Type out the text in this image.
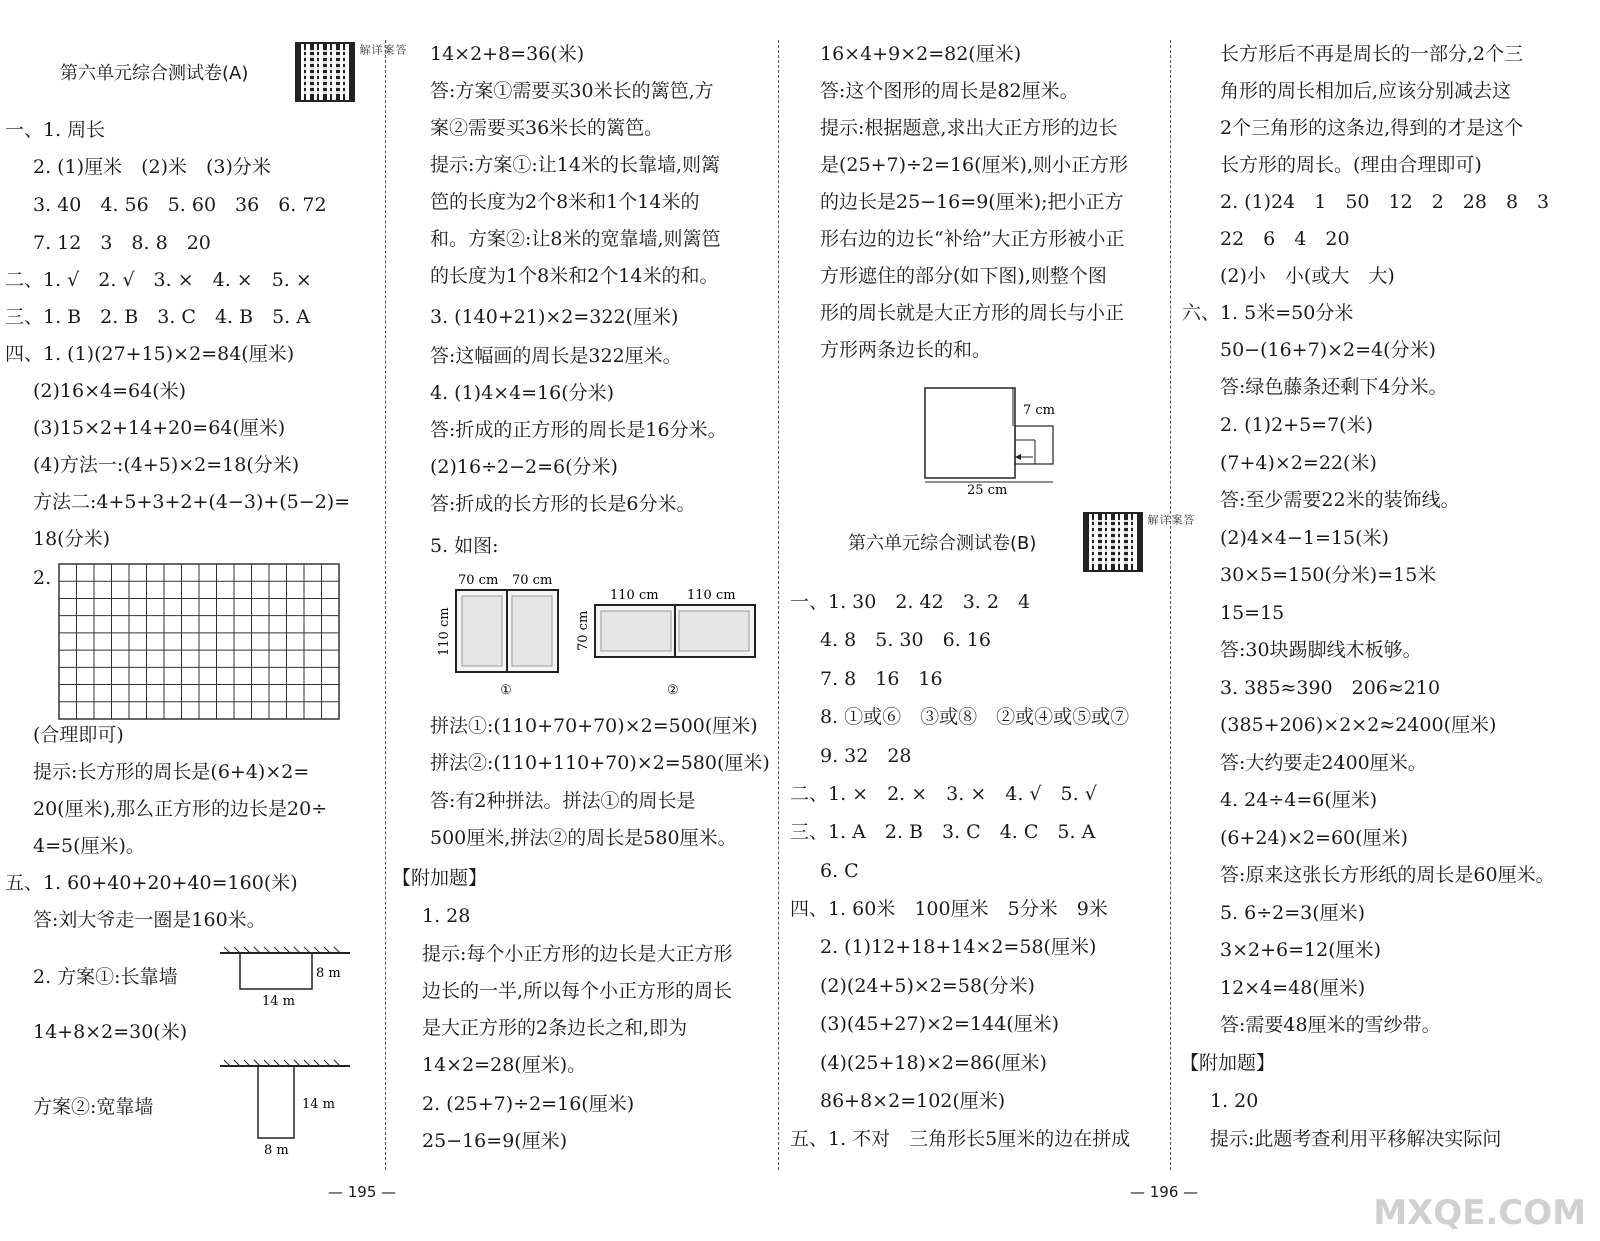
第六单元综合测试卷(A)
答案详解
一、1. 周长
2. (1)厘米　(2)米　(3)分米
3. 40　4. 56　5. 60　36　6. 72
7. 12　3　8. 8　20
二、1. √　2. √　3. ×　4. ×　5. ×
三、1. B　2. B　3. C　4. B　5. A
四、1. (1)(27+15)×2=84(厘米)
(2)16×4=64(米)
(3)15×2+14+20=64(厘米)
(4)方法一:(4+5)×2=18(分米)
方法二:4+5+3+2+(4−3)+(5−2)=
18(分米)
2.
(合理即可)
提示:长方形的周长是(6+4)×2=
20(厘米),那么正方形的边长是20÷
4=5(厘米)。
五、1. 60+40+20+40=160(米)
答:刘大爷走一圈是160米。
2. 方案①:长靠墙	8 m
14 m
14+8×2=30(米)
方案②:宽靠墙	14 m
8 m
14×2+8=36(米)
答:方案①需要买30米长的篱笆,方
案②需要买36米长的篱笆。
提示:方案①:让14米的长靠墙,则篱
笆的长度为2个8米和1个14米的
和。方案②:让8米的宽靠墙,则篱笆
的长度为1个8米和2个14米的和。
3. (140+21)×2=322(厘米)
答:这幅画的周长是322厘米。
4. (1)4×4=16(分米)
答:折成的正方形的周长是16分米。
(2)16÷2−2=6(分米)
答:折成的长方形的长是6分米。
5. 如图:
70 cm 70 cm
110 cm
①
110 cm 110 cm
70 cm
②
拼法①:(110+70+70)×2=500(厘米)
拼法②:(110+110+70)×2=580(厘米)
答:有2种拼法。拼法①的周长是
500厘米,拼法②的周长是580厘米。
【附加题】
1. 28
提示:每个小正方形的边长是大正方形
边长的一半,所以每个小正方形的周长
是大正方形的2条边长之和,即为
14×2=28(厘米)。
2. (25+7)÷2=16(厘米)
25−16=9(厘米)
16×4+9×2=82(厘米)
答:这个图形的周长是82厘米。
提示:根据题意,求出大正方形的边长
是(25+7)÷2=16(厘米),则小正方形
的边长是25−16=9(厘米);把小正方
形右边的边长“补给”大正方形被小正
方形遮住的部分(如下图),则整个图
形的周长就是大正方形的周长与小正
方形两条边长的和。
7 cm
25 cm
第六单元综合测试卷(B)
答案详解
一、1. 30　2. 42　3. 2　4
4. 8　5. 30　6. 16
7. 8　16　16
8. ①或⑥　③或⑧　②或④或⑤或⑦
9. 32　28
二、1. ×　2. ×　3. ×　4. √　5. √
三、1. A　2. B　3. C　4. C　5. A
6. C
四、1. 60米　100厘米　5分米　9米
2. (1)12+18+14×2=58(厘米)
(2)(24+5)×2=58(分米)
(3)(45+27)×2=144(厘米)
(4)(25+18)×2=86(厘米)
86+8×2=102(厘米)
五、1. 不对　三角形长5厘米的边在拼成
长方形后不再是周长的一部分,2个三
角形的周长相加后,应该分别减去这
2个三角形的这条边,得到的才是这个
长方形的周长。(理由合理即可)
2. (1)24　1　50　12　2　28　8　3
22　6　4　20
(2)小　小(或大　大)
六、1. 5米=50分米
50−(16+7)×2=4(分米)
答:绿色藤条还剩下4分米。
2. (1)2+5=7(米)
(7+4)×2=22(米)
答:至少需要22米的装饰线。
(2)4×4−1=15(米)
30×5=150(分米)=15米
15=15
答:30块踢脚线木板够。
3. 385≈390　206≈210
(385+206)×2×2≈2400(厘米)
答:大约要走2400厘米。
4. 24÷4=6(厘米)
(6+24)×2=60(厘米)
答:原来这张长方形纸的周长是60厘米。
5. 6÷2=3(厘米)
3×2+6=12(厘米)
12×4=48(厘米)
答:需要48厘米的雪纱带。
【附加题】
1. 20
提示:此题考查利用平移解决实际问
— 195 —	— 196 —
MXQE.COM
